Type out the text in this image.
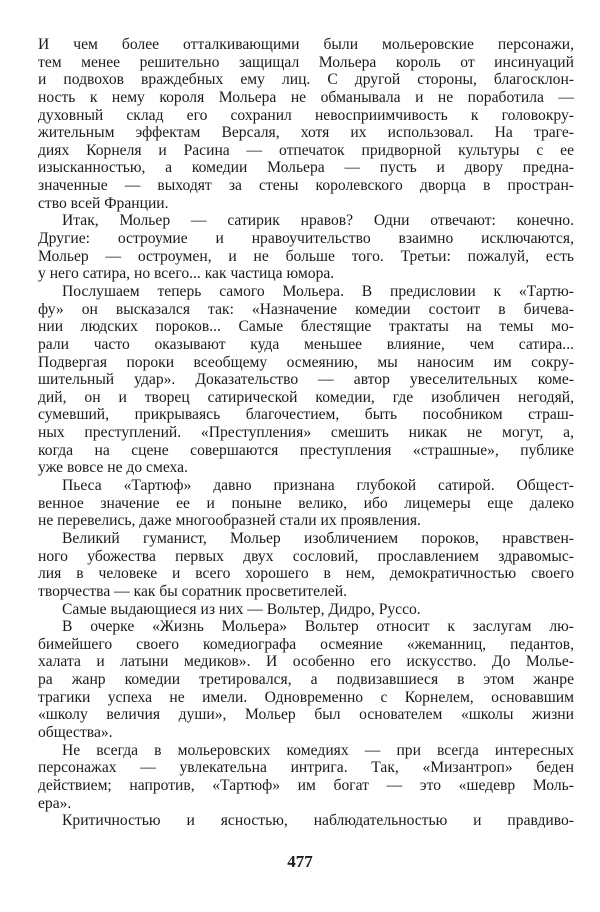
И чем более отталкивающими были мольеровские персонажи,
тем менее решительно защищал Мольера король от инсинуаций
и подвохов враждебных ему лиц. С другой стороны, благосклон-
ность к нему короля Мольера не обманывала и не поработила —
духовный склад его сохранил невосприимчивость к головокру-
жительным эффектам Версаля, хотя их использовал. На траге-
диях Корнеля и Расина — отпечаток придворной культуры с ее
изысканностью, а комедии Мольера — пусть и двору предна-
значенные — выходят за стены королевского дворца в простран-
ство всей Франции.
Итак, Мольер — сатирик нравов? Одни отвечают: конечно.
Другие: остроумие и нравоучительство взаимно исключаются,
Мольер — остроумен, и не больше того. Третьи: пожалуй, есть
у него сатира, но всего... как частица юмора.
Послушаем теперь самого Мольера. В предисловии к «Тартю-
фу» он высказался так: «Назначение комедии состоит в бичева-
нии людских пороков... Самые блестящие трактаты на темы мо-
рали часто оказывают куда меньшее влияние, чем сатира...
Подвергая пороки всеобщему осмеянию, мы наносим им сокру-
шительный удар». Доказательство — автор увеселительных коме-
дий, он и творец сатирической комедии, где изобличен негодяй,
сумевший, прикрываясь благочестием, быть пособником страш-
ных преступлений. «Преступления» смешить никак не могут, а,
когда на сцене совершаются преступления «страшные», публике
уже вовсе не до смеха.
Пьеса «Тартюф» давно признана глубокой сатирой. Общест-
венное значение ее и поныне велико, ибо лицемеры еще далеко
не перевелись, даже многообразней стали их проявления.
Великий гуманист, Мольер изобличением пороков, нравствен-
ного убожества первых двух сословий, прославлением здравомыс-
лия в человеке и всего хорошего в нем, демократичностью своего
творчества — как бы соратник просветителей.
Самые выдающиеся из них — Вольтер, Дидро, Руссо.
В очерке «Жизнь Мольера» Вольтер относит к заслугам лю-
бимейшего своего комедиографа осмеяние «жеманниц, педантов,
халата и латыни медиков». И особенно его искусство. До Мольe-
ра жанр комедии третировался, а подвизавшиеся в этом жанре
трагики успеха не имели. Одновременно с Корнелем, основавшим
«школу величия души», Мольер был основателем «школы жизни
общества».
Не всегда в мольеровских комедиях — при всегда интересных
персонажах — увлекательна интрига. Так, «Мизантроп» беден
действием; напротив, «Тартюф» им богат — это «шедевр Моль-
ера».
Критичностью и ясностью, наблюдательностью и правдиво-
477
